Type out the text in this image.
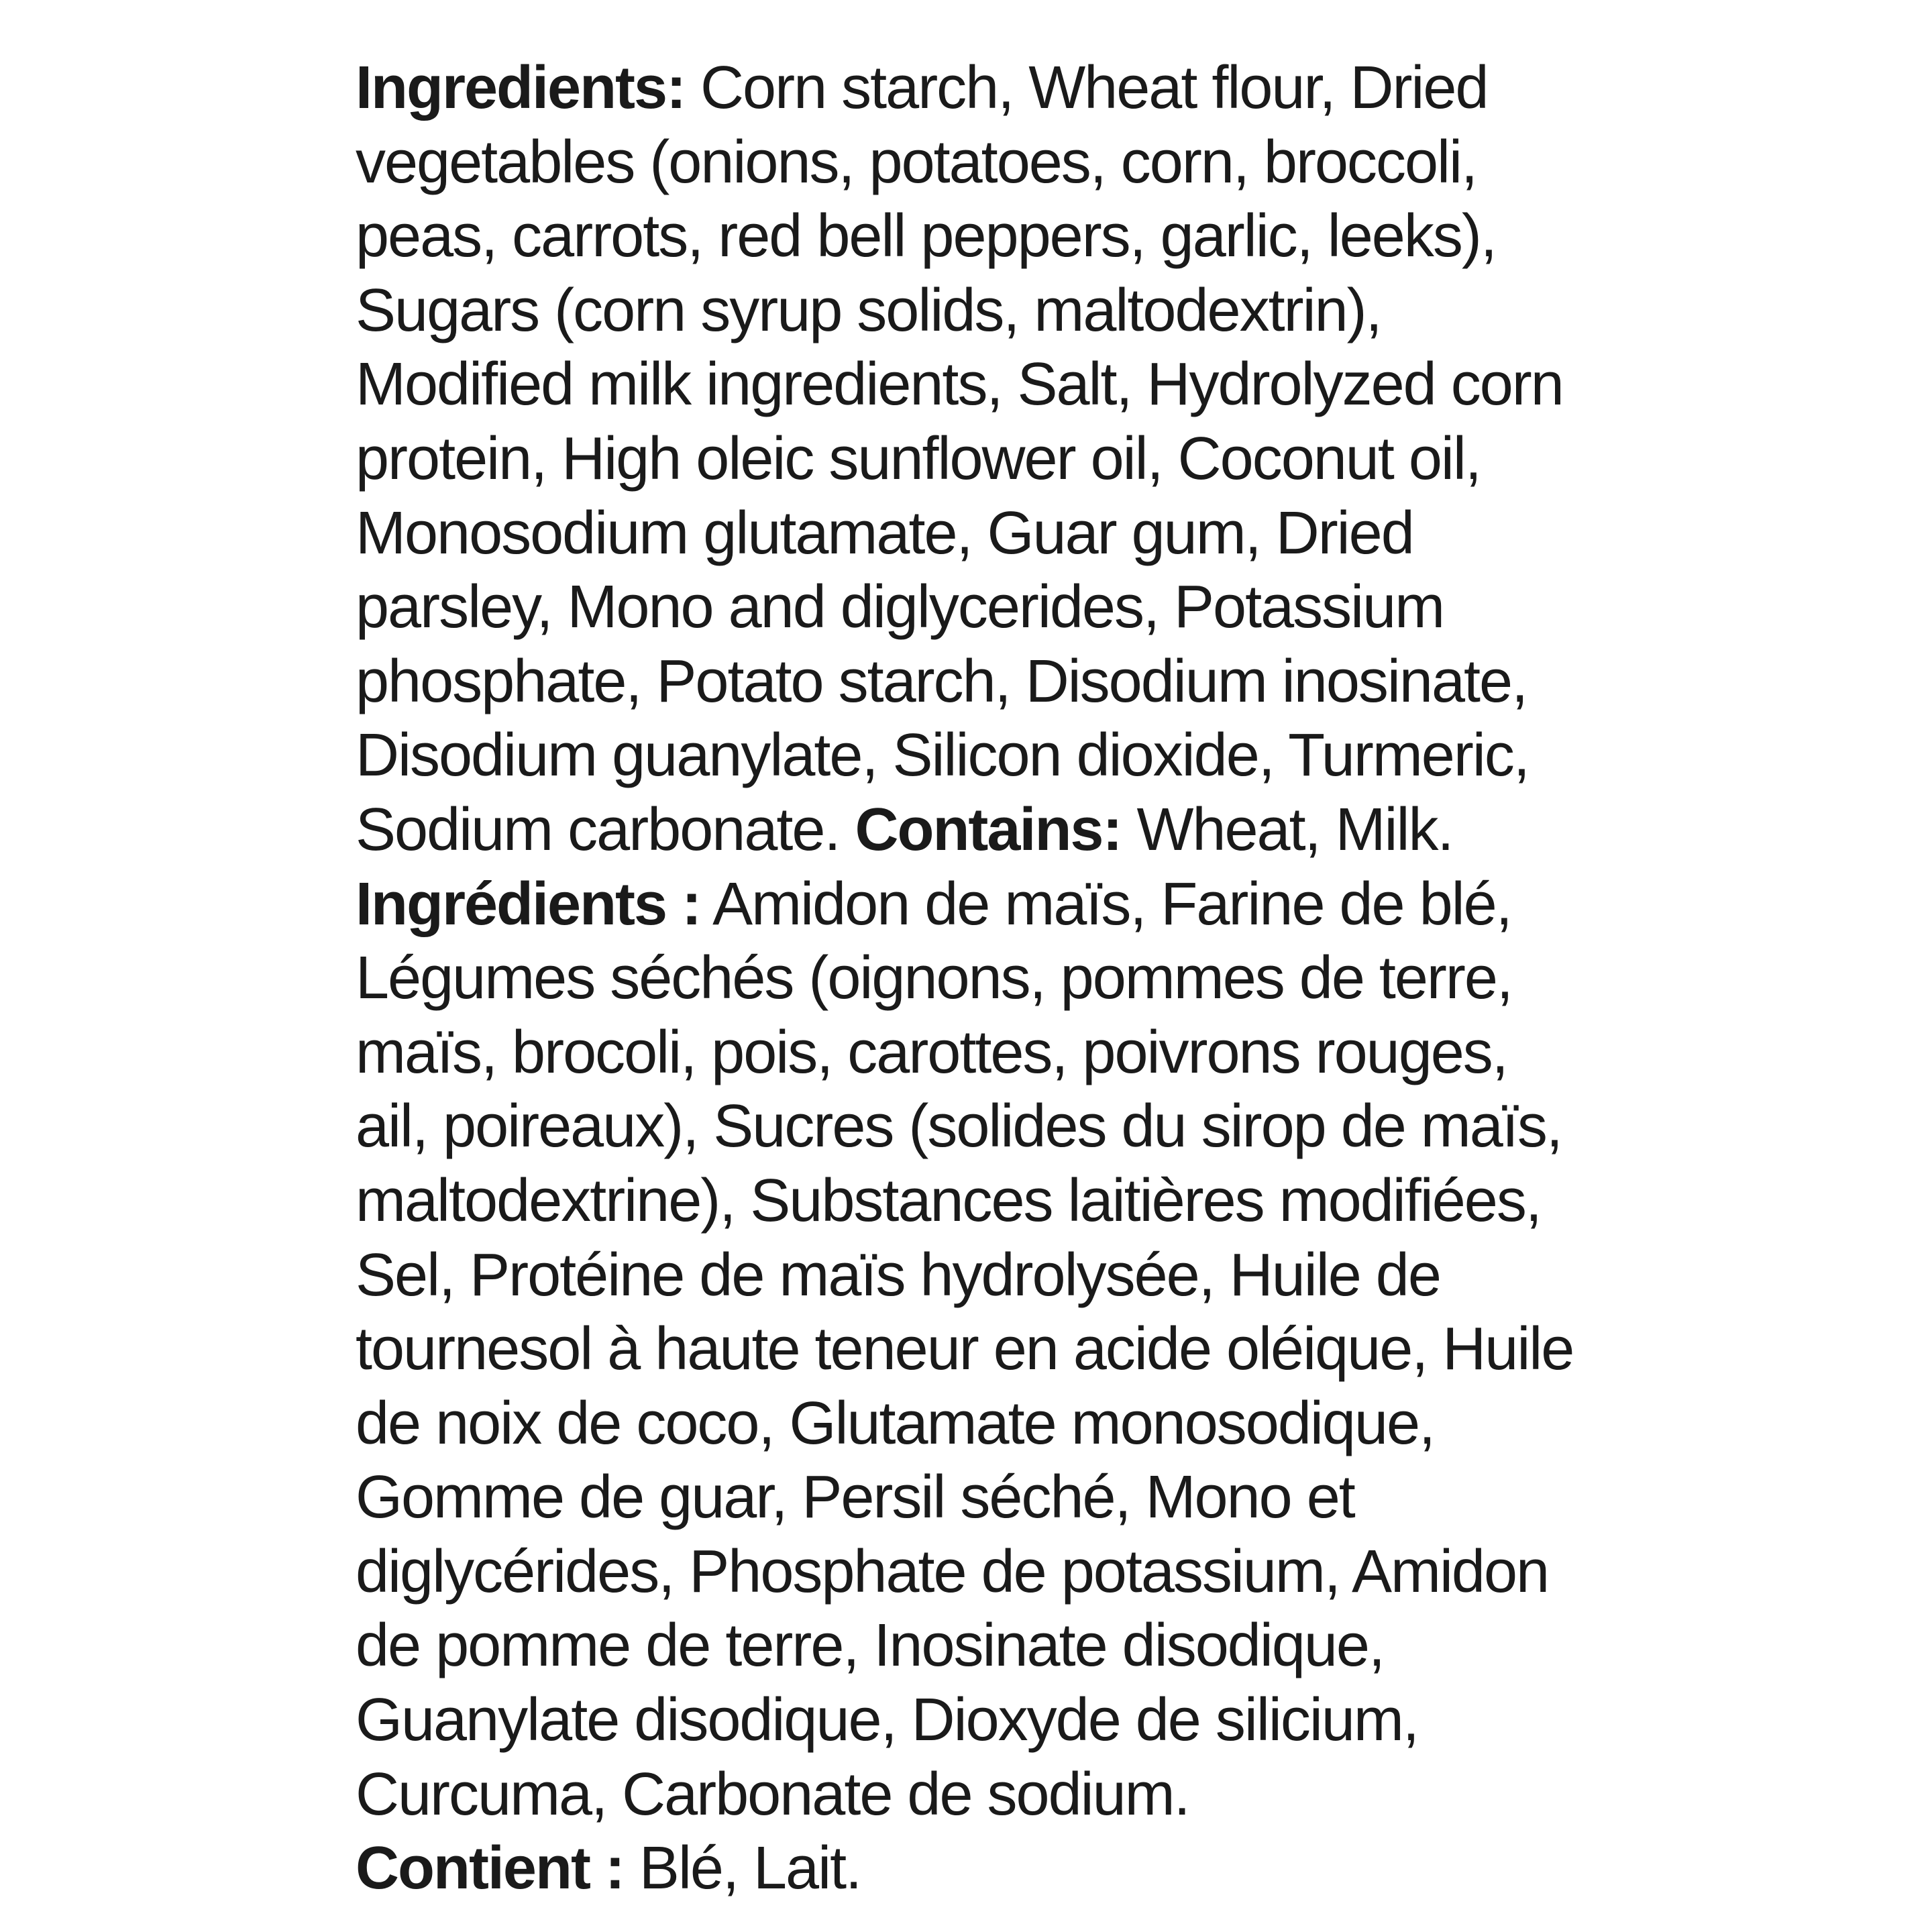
Ingredients: Corn starch, Wheat flour, Dried
vegetables (onions, potatoes, corn, broccoli,
peas, carrots, red bell peppers, garlic, leeks),
Sugars (corn syrup solids, maltodextrin),
Modified milk ingredients, Salt, Hydrolyzed corn
protein, High oleic sunflower oil, Coconut oil,
Monosodium glutamate, Guar gum, Dried
parsley, Mono and diglycerides, Potassium
phosphate, Potato starch, Disodium inosinate,
Disodium guanylate, Silicon dioxide, Turmeric,
Sodium carbonate. Contains: Wheat, Milk.
Ingrédients : Amidon de maïs, Farine de blé,
Légumes séchés (oignons, pommes de terre,
maïs, brocoli, pois, carottes, poivrons rouges,
ail, poireaux), Sucres (solides du sirop de maïs,
maltodextrine), Substances laitières modifiées,
Sel, Protéine de maïs hydrolysée, Huile de
tournesol à haute teneur en acide oléique, Huile
de noix de coco, Glutamate monosodique,
Gomme de guar, Persil séché, Mono et
diglycérides, Phosphate de potassium, Amidon
de pomme de terre, Inosinate disodique,
Guanylate disodique, Dioxyde de silicium,
Curcuma, Carbonate de sodium.
Contient : Blé, Lait.
